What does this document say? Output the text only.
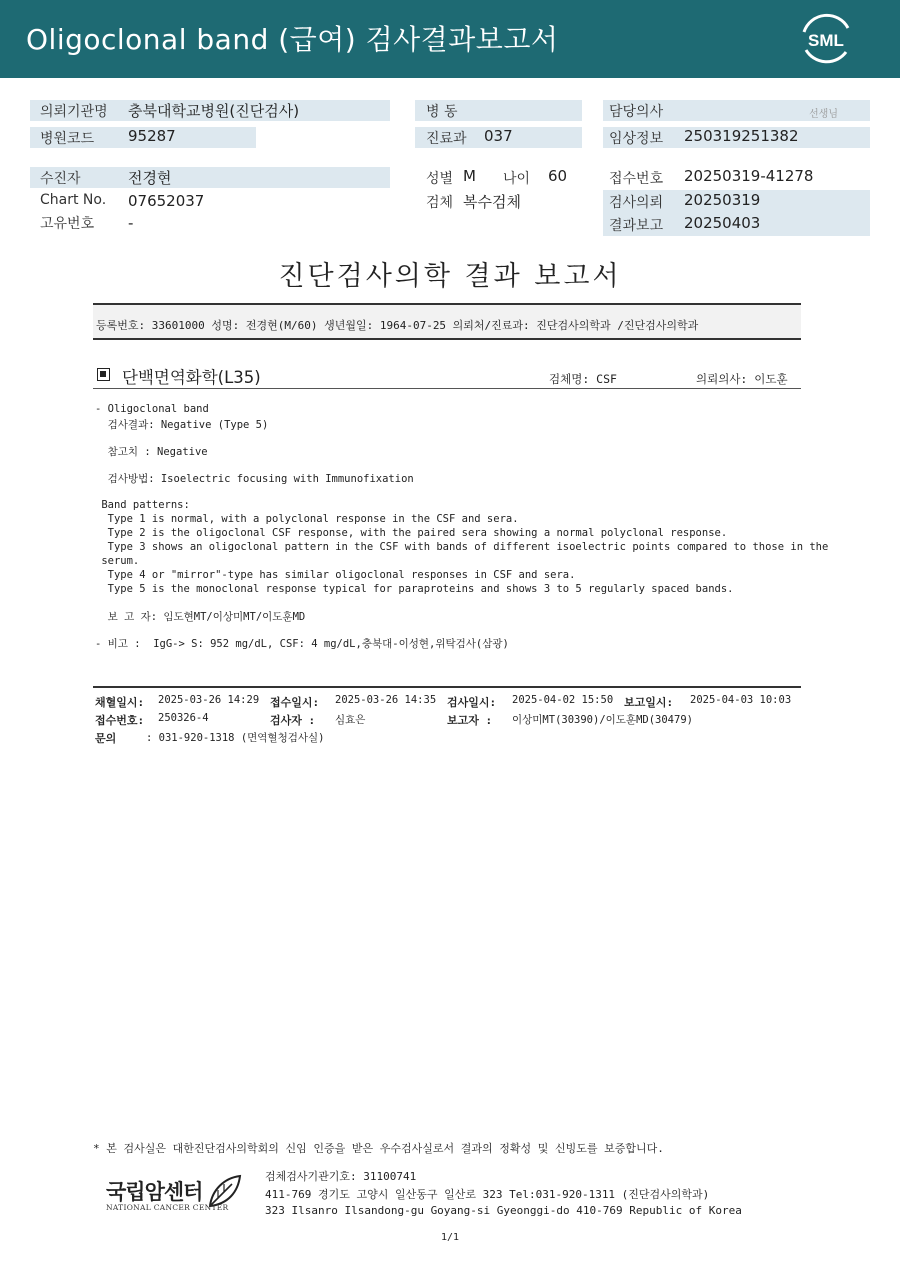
Oligoclonal band (급여) 검사결과보고서	SML
의뢰기관명 충북대학교병원(진단검사)	병 동	담당의사	선생님
병원코드 95287	진료과 037	임상정보 250319251382
수진자	전경현	성별 M 나이 60	접수번호 20250319-41278
Chart No. 07652037
고유번호 -
검체 복수검체	검사의뢰 20250319
결과보고 20250403
진단검사의학 결과 보고서
등록번호: 33601000 성명: 전경현(M/60) 생년월일: 1964-07-25 의뢰처/진료과: 진단검사의학과 /진단검사의학과
단백면역화학(L35)	검체명: CSF	의뢰의사: 이도훈
- Oligoclonal band
검사결과: Negative (Type 5)
참고치 : Negative
검사방법: Isoelectric focusing with Immunofixation
Band patterns:
Type 1 is normal, with a polyclonal response in the CSF and sera.
Type 2 is the oligoclonal CSF response, with the paired sera showing a normal polyclonal response.
Type 3 shows an oligoclonal pattern in the CSF with bands of different isoelectric points compared to those in the
serum.
Type 4 or "mirror"-type has similar oligoclonal responses in CSF and sera.
Type 5 is the monoclonal response typical for paraproteins and shows 3 to 5 regularly spaced bands.
보 고 자: 임도현MT/이상미MT/이도훈MD
- 비고 :  IgG-> S: 952 mg/dL, CSF: 4 mg/dL,충북대-이성현,위탁검사(삼광)
채혈일시: 2025-03-26 14:29 접수일시: 2025-03-26 14:35 검사일시: 2025-04-02 15:50 보고일시: 2025-04-03 10:03
접수번호: 250326-4	검사자 : 심효은	보고자 : 이상미MT(30390)/이도훈MD(30479)
문의	: 031-920-1318 (면역혈청검사실)
* 본 검사실은 대한진단검사의학회의 신임 인증을 받은 우수검사실로서 결과의 정확성 및 신빙도를 보증합니다.
국립암센터
NATIONAL CANCER CENTER
검체검사기관기호: 31100741
411-769 경기도 고양시 일산동구 일산로 323 Tel:031-920-1311 (진단검사의학과)
323 Ilsanro Ilsandong-gu Goyang-si Gyeonggi-do 410-769 Republic of Korea
1/1
